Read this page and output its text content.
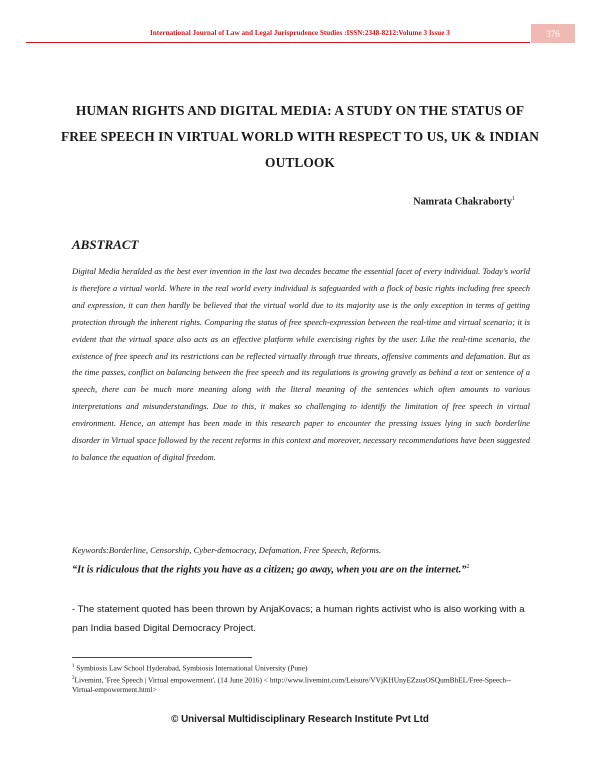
International Journal of Law and Legal Jurisprudence Studies :ISSN:2348-8212:Volume 3 Issue 3	376
HUMAN RIGHTS AND DIGITAL MEDIA: A STUDY ON THE STATUS OF FREE SPEECH IN VIRTUAL WORLD WITH RESPECT TO US, UK & INDIAN OUTLOOK
Namrata Chakraborty$^1$
ABSTRACT
Digital Media heralded as the best ever invention in the last two decades became the essential facet of every individual. Today's world is therefore a virtual world. Where in the real world every individual is safeguarded with a flock of basic rights including free speech and expression, it can then hardly be believed that the virtual world due to its majority use is the only exception in terms of getting protection through the inherent rights. Comparing the status of free speech-expression between the real-time and virtual scenario; it is evident that the virtual space also acts as an effective platform while exercising rights by the user. Like the real-time scenario, the existence of free speech and its restrictions can be reflected virtually through true threats, offensive comments and defamation. But as the time passes, conflict on balancing between the free speech and its regulations is growing gravely as behind a text or sentence of a speech, there can be much more meaning along with the literal meaning of the sentences which often amounts to various interpretations and misunderstandings. Due to this, it makes so challenging to identify the limitation of free speech in virtual environment. Hence, an attempt has been made in this research paper to encounter the pressing issues lying in such borderline disorder in Virtual space followed by the recent reforms in this context and moreover, necessary recommendations have been suggested to balance the equation of digital freedom.
Keywords:Borderline, Censorship, Cyber-democracy, Defamation, Free Speech, Reforms.
“It is ridiculous that the rights you have as a citizen; go away, when you are on the internet.”$^2$
- The statement quoted has been thrown by AnjaKovacs; a human rights activist who is also working with a pan India based Digital Democracy Project.
$^1$ Symbiosis Law School Hyderabad, Symbiosis International University (Pune)
$^2$Livemint, 'Free Speech | Virtual empowerment', (14 June 2016) < http://www.livemint.com/Leisure/VVjKHUnyEZzusOSQumBhEL/Free-Speech--Virtual-empowerment.html>
© Universal Multidisciplinary Research Institute Pvt Ltd
